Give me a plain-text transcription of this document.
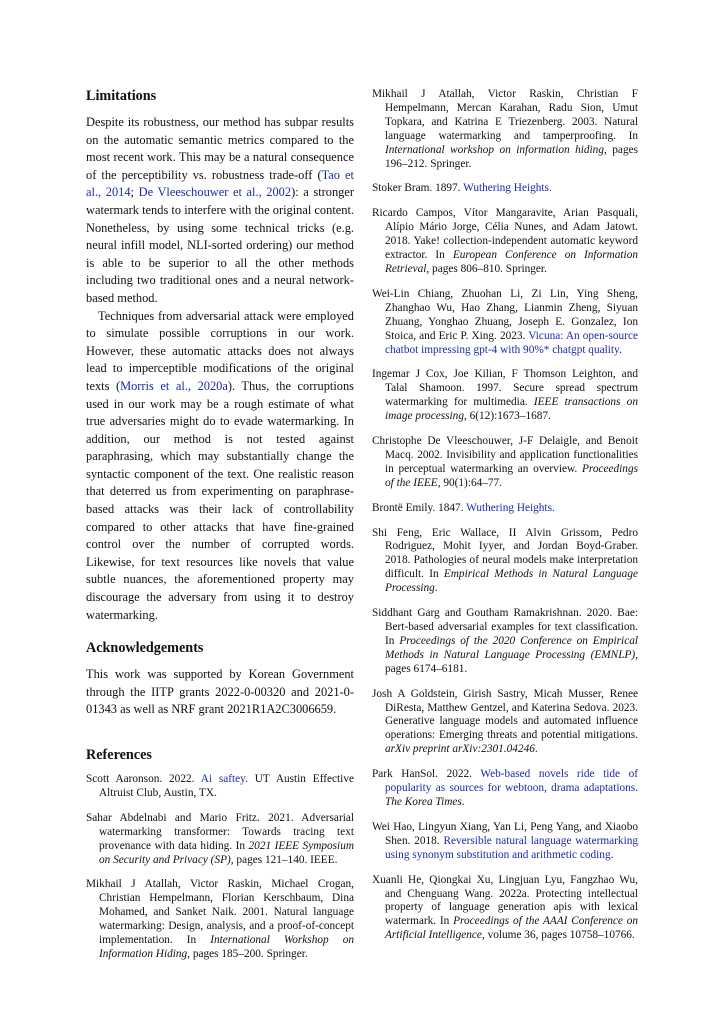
Limitations

Despite its robustness, our method has subpar results on the automatic semantic metrics compared to the most recent work. This may be a natural consequence of the perceptibility vs. robustness trade-off (Tao et al., 2014; De Vleeschouwer et al., 2002): a stronger watermark tends to interfere with the original content. Nonetheless, by using some technical tricks (e.g. neural infill model, NLI-sorted ordering) our method is able to be superior to all the other methods including two traditional ones and a neural network-based method.

Techniques from adversarial attack were employed to simulate possible corruptions in our work. However, these automatic attacks does not always lead to imperceptible modifications of the original texts (Morris et al., 2020a). Thus, the corruptions used in our work may be a rough estimate of what true adversaries might do to evade watermarking. In addition, our method is not tested against paraphrasing, which may substantially change the syntactic component of the text. One realistic reason that deterred us from experimenting on paraphrase-based attacks was their lack of controllability compared to other attacks that have fine-grained control over the number of corrupted words. Likewise, for text resources like novels that value subtle nuances, the aforementioned property may discourage the adversary from using it to destroy watermarking.

Acknowledgements

This work was supported by Korean Government through the IITP grants 2022-0-00320 and 2021-0-01343 as well as NRF grant 2021R1A2C3006659.

References

Scott Aaronson. 2022. Ai saftey. UT Austin Effective Altruist Club, Austin, TX.

Sahar Abdelnabi and Mario Fritz. 2021. Adversarial watermarking transformer: Towards tracing text provenance with data hiding. In 2021 IEEE Symposium on Security and Privacy (SP), pages 121–140. IEEE.

Mikhail J Atallah, Victor Raskin, Michael Crogan, Christian Hempelmann, Florian Kerschbaum, Dina Mohamed, and Sanket Naik. 2001. Natural language watermarking: Design, analysis, and a proof-of-concept implementation. In International Workshop on Information Hiding, pages 185–200. Springer.

Mikhail J Atallah, Victor Raskin, Christian F Hempelmann, Mercan Karahan, Radu Sion, Umut Topkara, and Katrina E Triezenberg. 2003. Natural language watermarking and tamperproofing. In International workshop on information hiding, pages 196–212. Springer.

Stoker Bram. 1897. Wuthering Heights.

Ricardo Campos, Vítor Mangaravite, Arian Pasquali, Alípio Mário Jorge, Célia Nunes, and Adam Jatowt. 2018. Yake! collection-independent automatic keyword extractor. In European Conference on Information Retrieval, pages 806–810. Springer.

Wei-Lin Chiang, Zhuohan Li, Zi Lin, Ying Sheng, Zhanghao Wu, Hao Zhang, Lianmin Zheng, Siyuan Zhuang, Yonghao Zhuang, Joseph E. Gonzalez, Ion Stoica, and Eric P. Xing. 2023. Vicuna: An open-source chatbot impressing gpt-4 with 90%* chatgpt quality.

Ingemar J Cox, Joe Kilian, F Thomson Leighton, and Talal Shamoon. 1997. Secure spread spectrum watermarking for multimedia. IEEE transactions on image processing, 6(12):1673–1687.

Christophe De Vleeschouwer, J-F Delaigle, and Benoit Macq. 2002. Invisibility and application functionalities in perceptual watermarking an overview. Proceedings of the IEEE, 90(1):64–77.

Brontë Emily. 1847. Wuthering Heights.

Shi Feng, Eric Wallace, II Alvin Grissom, Pedro Rodriguez, Mohit Iyyer, and Jordan Boyd-Graber. 2018. Pathologies of neural models make interpretation difficult. In Empirical Methods in Natural Language Processing.

Siddhant Garg and Goutham Ramakrishnan. 2020. Bae: Bert-based adversarial examples for text classification. In Proceedings of the 2020 Conference on Empirical Methods in Natural Language Processing (EMNLP), pages 6174–6181.

Josh A Goldstein, Girish Sastry, Micah Musser, Renee DiResta, Matthew Gentzel, and Katerina Sedova. 2023. Generative language models and automated influence operations: Emerging threats and potential mitigations. arXiv preprint arXiv:2301.04246.

Park HanSol. 2022. Web-based novels ride tide of popularity as sources for webtoon, drama adaptations. The Korea Times.

Wei Hao, Lingyun Xiang, Yan Li, Peng Yang, and Xiaobo Shen. 2018. Reversible natural language watermarking using synonym substitution and arithmetic coding.

Xuanli He, Qiongkai Xu, Lingjuan Lyu, Fangzhao Wu, and Chenguang Wang. 2022a. Protecting intellectual property of language generation apis with lexical watermark. In Proceedings of the AAAI Conference on Artificial Intelligence, volume 36, pages 10758–10766.
